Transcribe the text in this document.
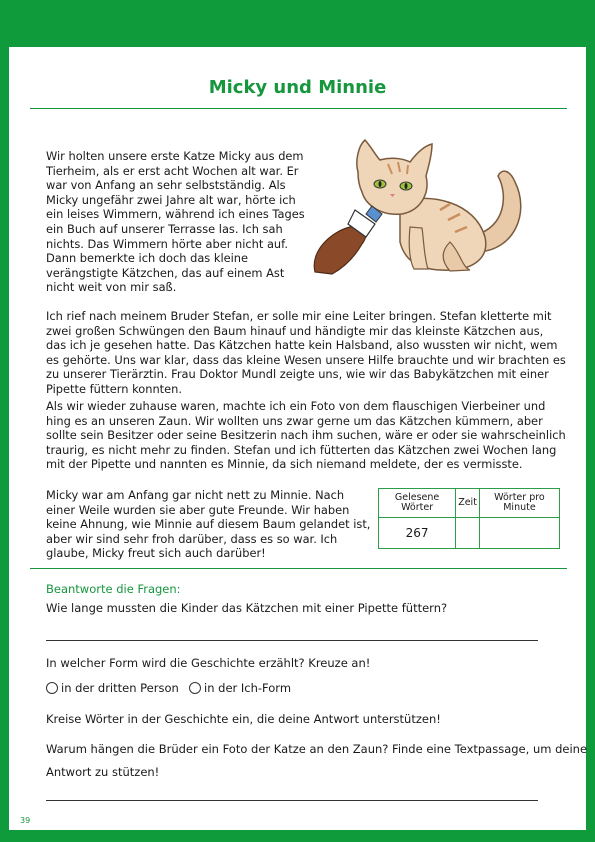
Micky und Minnie

Wir holten unsere erste Katze Micky aus dem Tierheim, als er erst acht Wochen alt war. Er war von Anfang an sehr selbstständig. Als Micky ungefähr zwei Jahre alt war, hörte ich ein leises Wimmern, während ich eines Tages ein Buch auf unserer Terrasse las. Ich sah nichts. Das Wimmern hörte aber nicht auf. Dann bemerkte ich doch das kleine verängstigte Kätzchen, das auf einem Ast nicht weit von mir saß.

Ich rief nach meinem Bruder Stefan, er solle mir eine Leiter bringen. Stefan kletterte mit zwei großen Schwüngen den Baum hinauf und händigte mir das kleinste Kätzchen aus, das ich je gesehen hatte. Das Kätzchen hatte kein Halsband, also wussten wir nicht, wem es gehörte. Uns war klar, dass das kleine Wesen unsere Hilfe brauchte und wir brachten es zu unserer Tierärztin. Frau Doktor Mundl zeigte uns, wie wir das Babykätzchen mit einer Pipette füttern konnten.

Als wir wieder zuhause waren, machte ich ein Foto von dem flauschigen Vierbeiner und hing es an unseren Zaun. Wir wollten uns zwar gerne um das Kätzchen kümmern, aber sollte sein Besitzer oder seine Besitzerin nach ihm suchen, wäre er oder sie wahrscheinlich traurig, es nicht mehr zu finden. Stefan und ich fütterten das Kätzchen zwei Wochen lang mit der Pipette und nannten es Minnie, da sich niemand meldete, der es vermisste.

Micky war am Anfang gar nicht nett zu Minnie. Nach einer Weile wurden sie aber gute Freunde. Wir haben keine Ahnung, wie Minnie auf diesem Baum gelandet ist, aber wir sind sehr froh darüber, dass es so war. Ich glaube, Micky freut sich auch darüber!

Gelesene Wörter	Zeit	Wörter pro Minute
267		
Beantworte die Fragen:
Wie lange mussten die Kinder das Kätzchen mit einer Pipette füttern?
In welcher Form wird die Geschichte erzählt? Kreuze an!
in der dritten Person in der Ich-Form
Kreise Wörter in der Geschichte ein, die deine Antwort unterstützen!
Warum hängen die Brüder ein Foto der Katze an den Zaun? Finde eine Textpassage, um deine
Antwort zu stützen!
39
